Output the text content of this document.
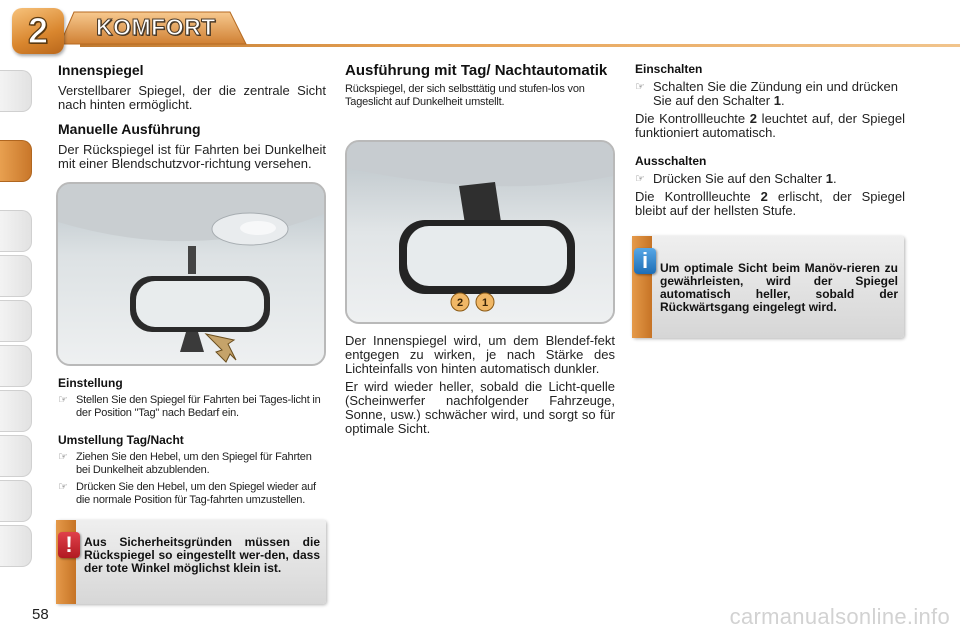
2 KOMFORT
Innenspiegel

Verstellbarer Spiegel, der die zentrale Sicht nach hinten ermöglicht.

Manuelle Ausführung

Der Rückspiegel ist für Fahrten bei Dunkelheit mit einer Blendschutzvor-richtung versehen.

Einstellung
☞ Stellen Sie den Spiegel für Fahrten bei Tages-licht in der Position "Tag" nach Bedarf ein.
Umstellung Tag/Nacht
☞ Ziehen Sie den Hebel, um den Spiegel für Fahrten bei Dunkelheit abzublenden.
☞ Drücken Sie den Hebel, um den Spiegel wieder auf die normale Position für Tag-fahrten umzustellen.
! Aus Sicherheitsgründen müssen die Rückspiegel so eingestellt wer-den, dass der tote Winkel möglichst klein ist.
Ausführung mit Tag/ Nachtautomatik

Rückspiegel, der sich selbsttätig und stufen-los von Tageslicht auf Dunkelheit umstellt.

2 1

Der Innenspiegel wird, um dem Blendef-fekt entgegen zu wirken, je nach Stärke des Lichteinfalls von hinten automatisch dunkler.

Er wird wieder heller, sobald die Licht-quelle (Scheinwerfer nachfolgender Fahrzeuge, Sonne, usw.) schwächer wird, und sorgt so für optimale Sicht.

Einschalten
☞ Schalten Sie die Zündung ein und drücken Sie auf den Schalter 1.

Die Kontrollleuchte 2 leuchtet auf, der Spiegel funktioniert automatisch.

Ausschalten
☞ Drücken Sie auf den Schalter 1.

Die Kontrollleuchte 2 erlischt, der Spiegel bleibt auf der hellsten Stufe.

i Um optimale Sicht beim Manöv-rieren zu gewährleisten, wird der Spiegel automatisch heller, sobald der Rückwärtsgang eingelegt wird.
58	carmanualsonline.info
